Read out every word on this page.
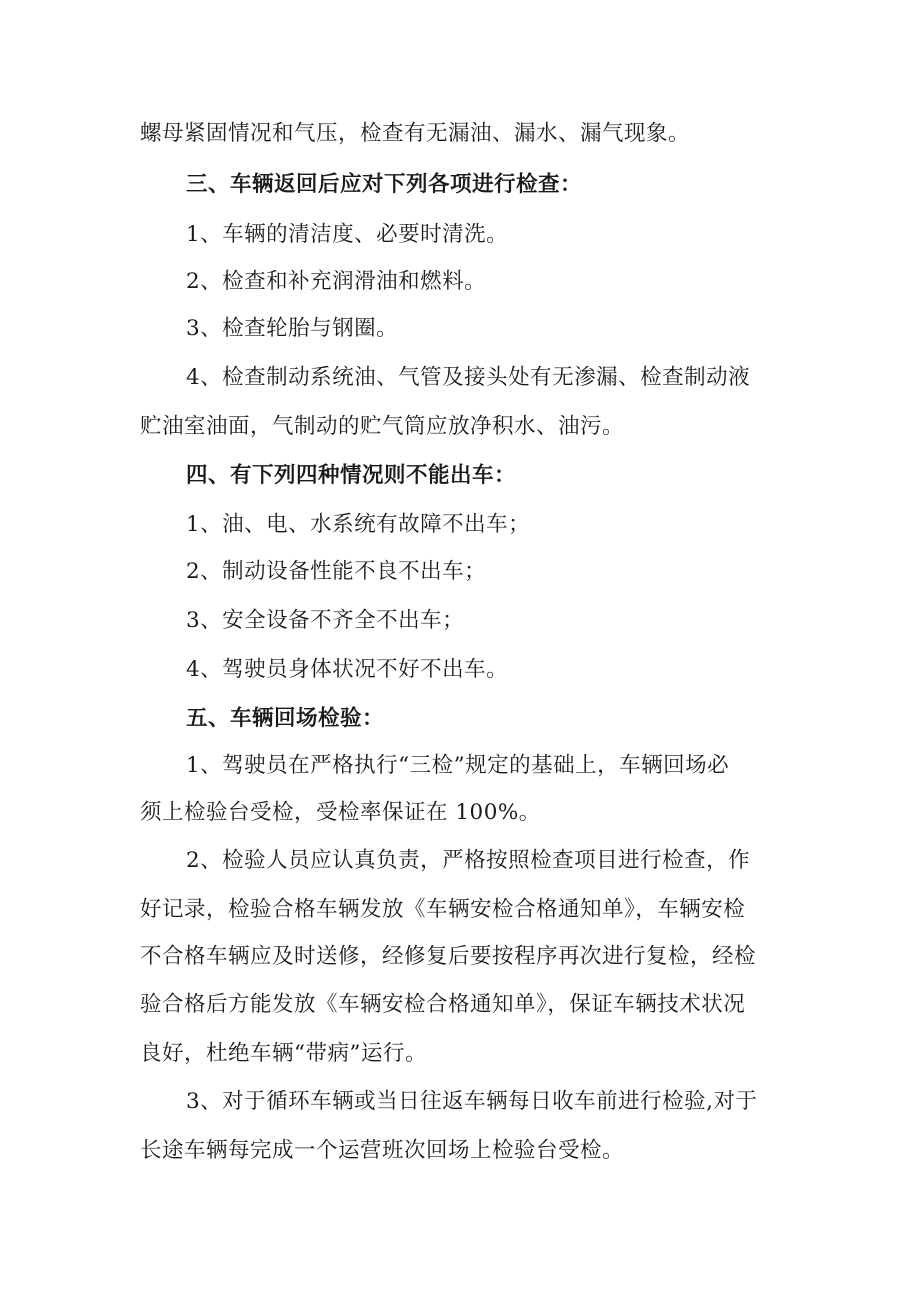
螺母紧固情况和气压，检查有无漏油、漏水、漏气现象。
三、车辆返回后应对下列各项进行检查：
1、车辆的清洁度、必要时清洗。
2、检查和补充润滑油和燃料。
3、检查轮胎与钢圈。
4、检查制动系统油、气管及接头处有无渗漏、检查制动液
贮油室油面，气制动的贮气筒应放净积水、油污。
四、有下列四种情况则不能出车：
1、油、电、水系统有故障不出车；
2、制动设备性能不良不出车；
3、安全设备不齐全不出车；
4、驾驶员身体状况不好不出车。
五、车辆回场检验：
1、驾驶员在严格执行“三检”规定的基础上，车辆回场必
须上检验台受检，受检率保证在 100%。
2、检验人员应认真负责，严格按照检查项目进行检查，作
好记录，检验合格车辆发放《车辆安检合格通知单》，车辆安检
不合格车辆应及时送修，经修复后要按程序再次进行复检，经检
验合格后方能发放《车辆安检合格通知单》，保证车辆技术状况
良好，杜绝车辆“带病”运行。
3、对于循环车辆或当日往返车辆每日收车前进行检验,对于
长途车辆每完成一个运营班次回场上检验台受检。
